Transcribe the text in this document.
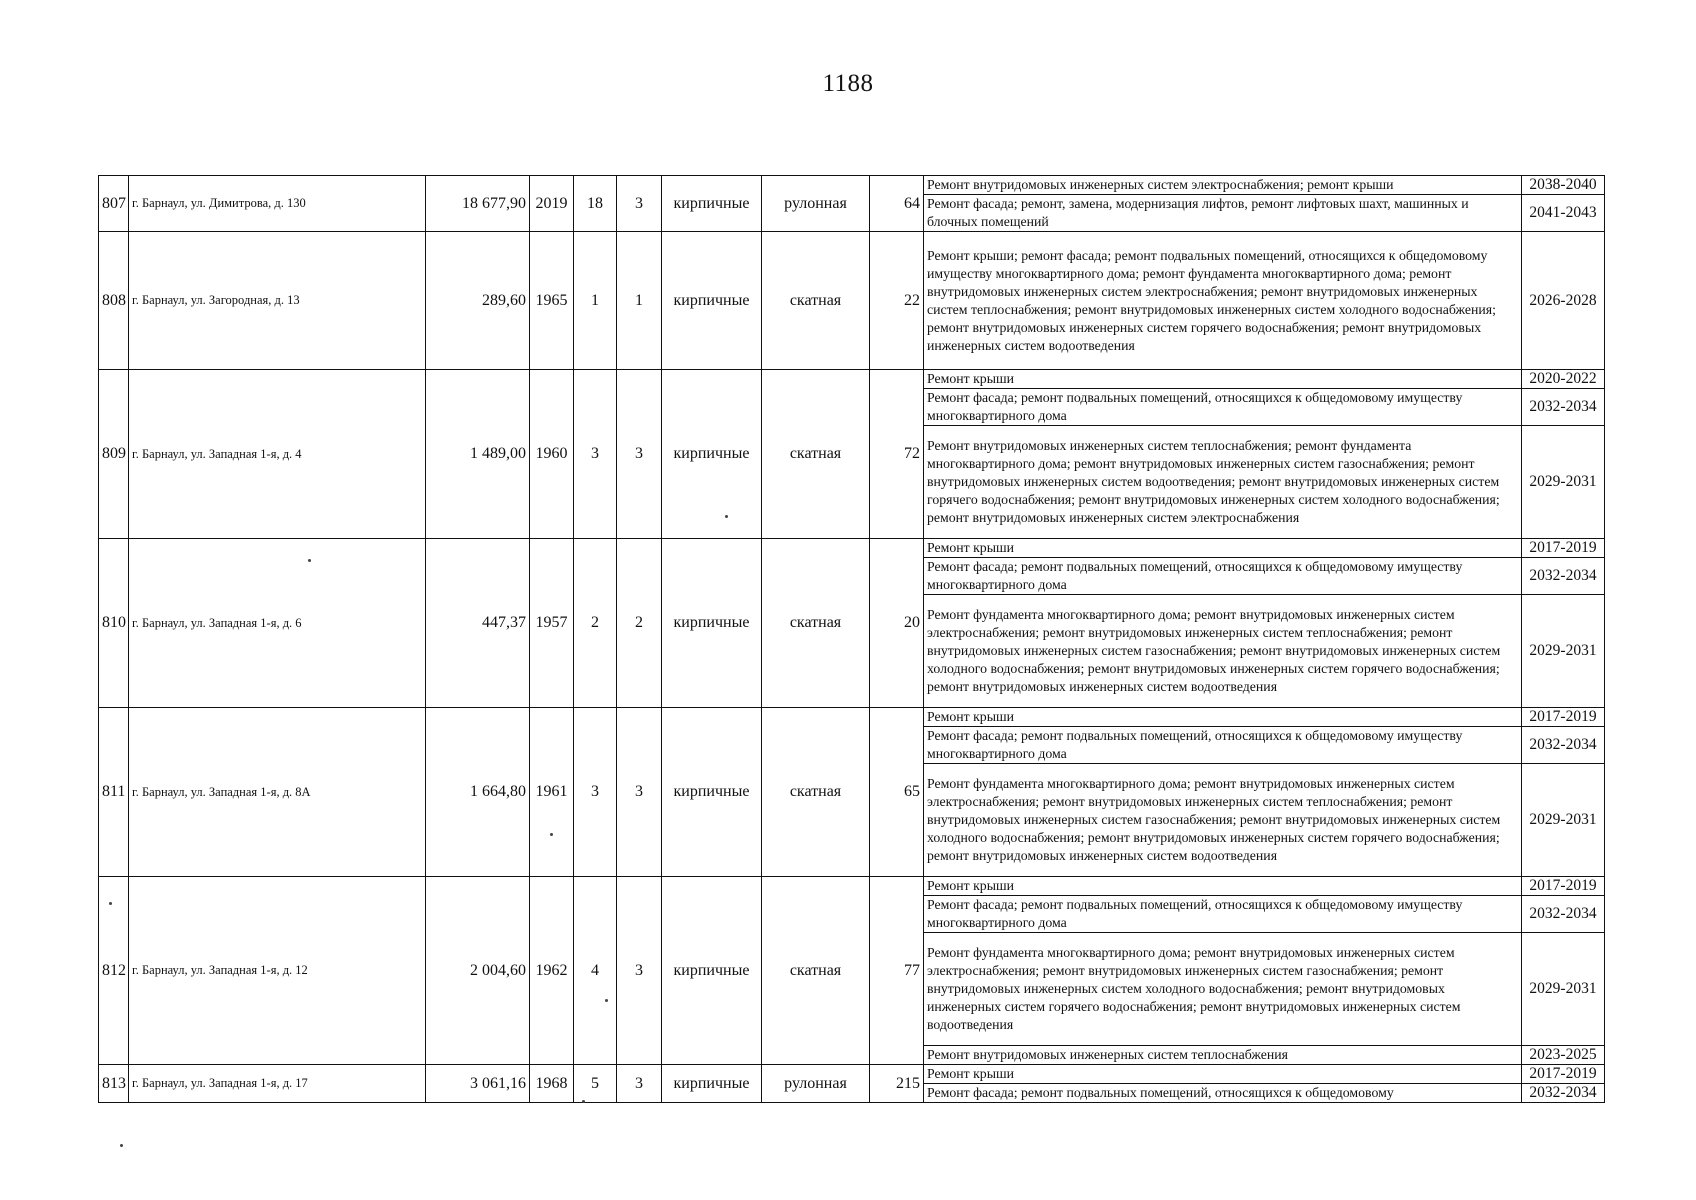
1188
807	г. Барнаул, ул. Димитрова, д. 130	18 677,90	2019	18	3	кирпичные	рулонная	64	Ремонт внутридомовых инженерных систем электроснабжения; ремонт крыши	2038-2040
									Ремонт фасада; ремонт, замена, модернизация лифтов, ремонт лифтовых шахт, машинных и блочных помещений	2041-2043
808	г. Барнаул, ул. Загородная, д. 13	289,60	1965	1	1	кирпичные	скатная	22	Ремонт крыши; ремонт фасада; ремонт подвальных помещений, относящихся к общедомовому имуществу многоквартирного дома; ремонт фундамента многоквартирного дома; ремонт внутридомовых инженерных систем электроснабжения; ремонт внутридомовых инженерных систем теплоснабжения; ремонт внутридомовых инженерных систем холодного водоснабжения; ремонт внутридомовых инженерных систем горячего водоснабжения; ремонт внутридомовых инженерных систем водоотведения	2026-2028
809	г. Барнаул, ул. Западная 1-я, д. 4	1 489,00	1960	3	3	кирпичные	скатная	72	Ремонт крыши	2020-2022
									Ремонт фасада; ремонт подвальных помещений, относящихся к общедомовому имуществу многоквартирного дома	2032-2034
									Ремонт внутридомовых инженерных систем теплоснабжения; ремонт фундамента многоквартирного дома; ремонт внутридомовых инженерных систем газоснабжения; ремонт внутридомовых инженерных систем водоотведения; ремонт внутридомовых инженерных систем горячего водоснабжения; ремонт внутридомовых инженерных систем холодного водоснабжения; ремонт внутридомовых инженерных систем электроснабжения	2029-2031
810	г. Барнаул, ул. Западная 1-я, д. 6	447,37	1957	2	2	кирпичные	скатная	20	Ремонт крыши	2017-2019
									Ремонт фасада; ремонт подвальных помещений, относящихся к общедомовому имуществу многоквартирного дома	2032-2034
									Ремонт фундамента многоквартирного дома; ремонт внутридомовых инженерных систем электроснабжения; ремонт внутридомовых инженерных систем теплоснабжения; ремонт внутридомовых инженерных систем газоснабжения; ремонт внутридомовых инженерных систем холодного водоснабжения; ремонт внутридомовых инженерных систем горячего водоснабжения; ремонт внутридомовых инженерных систем водоотведения	2029-2031
811	г. Барнаул, ул. Западная 1-я, д. 8А	1 664,80	1961	3	3	кирпичные	скатная	65	Ремонт крыши	2017-2019
									Ремонт фасада; ремонт подвальных помещений, относящихся к общедомовому имуществу многоквартирного дома	2032-2034
									Ремонт фундамента многоквартирного дома; ремонт внутридомовых инженерных систем электроснабжения; ремонт внутридомовых инженерных систем теплоснабжения; ремонт внутридомовых инженерных систем газоснабжения; ремонт внутридомовых инженерных систем холодного водоснабжения; ремонт внутридомовых инженерных систем горячего водоснабжения; ремонт внутридомовых инженерных систем водоотведения	2029-2031
812	г. Барнаул, ул. Западная 1-я, д. 12	2 004,60	1962	4	3	кирпичные	скатная	77	Ремонт крыши	2017-2019
									Ремонт фасада; ремонт подвальных помещений, относящихся к общедомовому имуществу многоквартирного дома	2032-2034
									Ремонт фундамента многоквартирного дома; ремонт внутридомовых инженерных систем электроснабжения; ремонт внутридомовых инженерных систем газоснабжения; ремонт внутридомовых инженерных систем холодного водоснабжения; ремонт внутридомовых инженерных систем горячего водоснабжения; ремонт внутридомовых инженерных систем водоотведения	2029-2031
									Ремонт внутридомовых инженерных систем теплоснабжения	2023-2025
813	г. Барнаул, ул. Западная 1-я, д. 17	3 061,16	1968	5	3	кирпичные	рулонная	215	Ремонт крыши	2017-2019
									Ремонт фасада; ремонт подвальных помещений, относящихся к общедомовому	2032-2034
